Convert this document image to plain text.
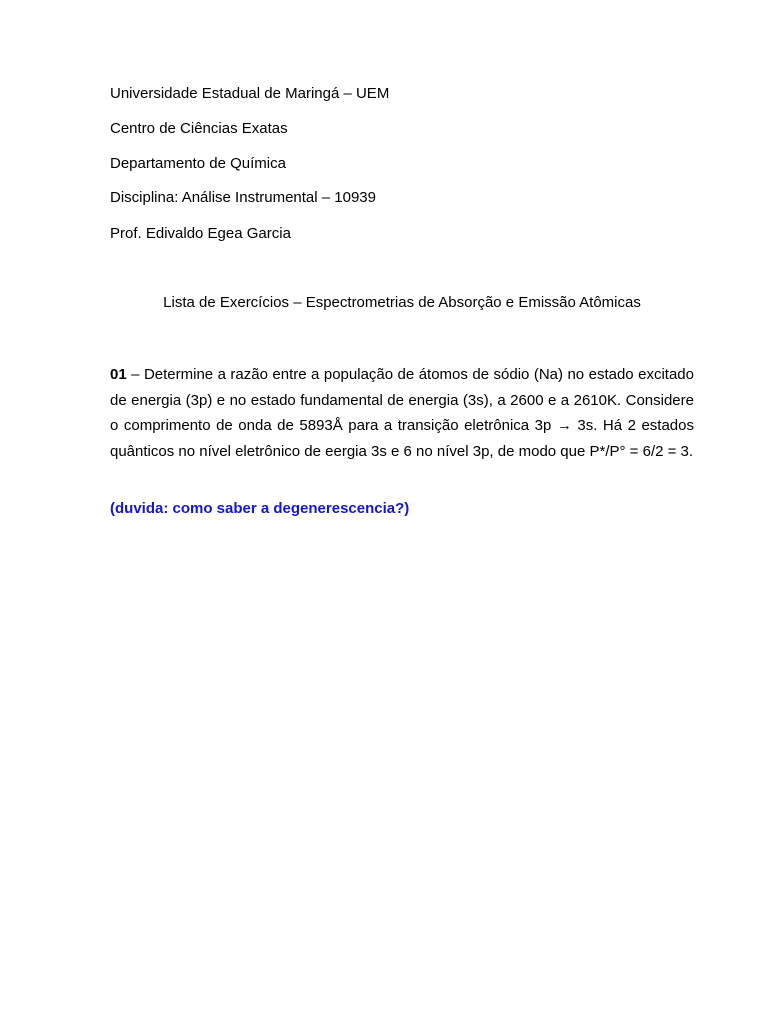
Universidade Estadual de Maringá – UEM

Centro de Ciências Exatas

Departamento de Química

Disciplina: Análise Instrumental – 10939

Prof. Edivaldo Egea Garcia

Lista de Exercícios – Espectrometrias de Absorção e Emissão Atômicas

01 – Determine a razão entre a população de átomos de sódio (Na) no estado excitado de energia (3p) e no estado fundamental de energia (3s), a 2600 e a 2610K. Considere o comprimento de onda de 5893Å para a transição eletrônica 3p → 3s. Há 2 estados quânticos no nível eletrônico de eergia 3s e 6 no nível 3p, de modo que P*/P° = 6/2 = 3.

(duvida: como saber a degenerescencia?)
